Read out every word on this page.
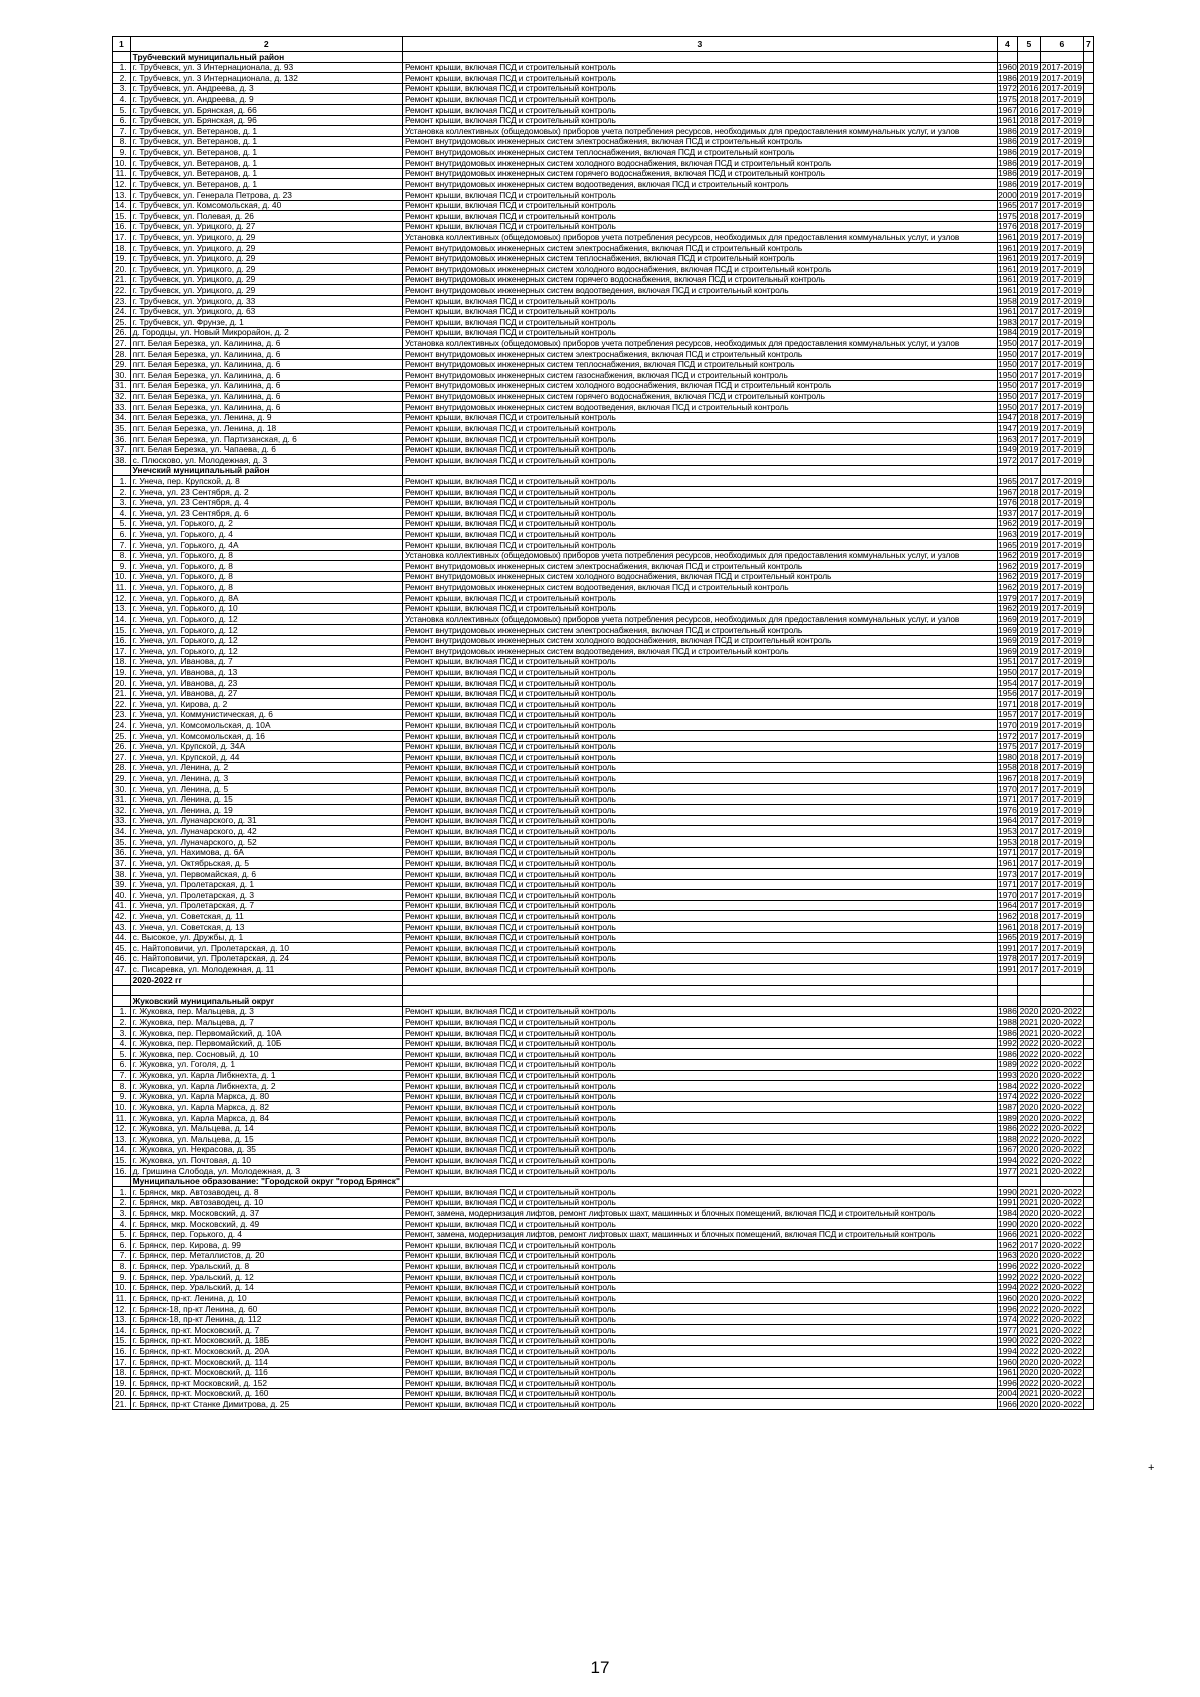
1	2	3	4	5	6	7
	Трубчевский муниципальный район					
1.	г. Трубчевск, ул. 3 Интернационала, д. 93	Ремонт крыши, включая ПСД и строительный контроль	1960	2019	2017-2019	
2.	г. Трубчевск, ул. 3 Интернационала, д. 132	Ремонт крыши, включая ПСД и строительный контроль	1986	2019	2017-2019	
3.	г. Трубчевск, ул. Андреева, д. 3	Ремонт крыши, включая ПСД и строительный контроль	1972	2016	2017-2019	
4.	г. Трубчевск, ул. Андреева, д. 9	Ремонт крыши, включая ПСД и строительный контроль	1975	2018	2017-2019	
5.	г. Трубчевск, ул. Брянская, д. 66	Ремонт крыши, включая ПСД и строительный контроль	1967	2016	2017-2019	
6.	г. Трубчевск, ул. Брянская, д. 96	Ремонт крыши, включая ПСД и строительный контроль	1961	2018	2017-2019	
7.	г. Трубчевск, ул. Ветеранов, д. 1	Установка коллективных (общедомовых) приборов учета потребления ресурсов, необходимых для предоставления коммунальных услуг, и узлов	1986	2019	2017-2019	
8.	г. Трубчевск, ул. Ветеранов, д. 1	Ремонт внутридомовых инженерных систем электроснабжения, включая ПСД и строительный контроль	1986	2019	2017-2019	
9.	г. Трубчевск, ул. Ветеранов, д. 1	Ремонт внутридомовых инженерных систем теплоснабжения, включая ПСД и строительный контроль	1986	2019	2017-2019	
10.	г. Трубчевск, ул. Ветеранов, д. 1	Ремонт внутридомовых инженерных систем холодного водоснабжения, включая ПСД и строительный контроль	1986	2019	2017-2019	
11.	г. Трубчевск, ул. Ветеранов, д. 1	Ремонт внутридомовых инженерных систем горячего водоснабжения, включая ПСД и строительный контроль	1986	2019	2017-2019	
12.	г. Трубчевск, ул. Ветеранов, д. 1	Ремонт внутридомовых инженерных систем водоотведения, включая ПСД и строительный контроль	1986	2019	2017-2019	
13.	г. Трубчевск, ул. Генерала Петрова, д. 23	Ремонт крыши, включая ПСД и строительный контроль	2000	2019	2017-2019	
14.	г. Трубчевск, ул. Комсомольская, д. 40	Ремонт крыши, включая ПСД и строительный контроль	1965	2017	2017-2019	
15.	г. Трубчевск, ул. Полевая, д. 26	Ремонт крыши, включая ПСД и строительный контроль	1975	2018	2017-2019	
16.	г. Трубчевск, ул. Урицкого, д. 27	Ремонт крыши, включая ПСД и строительный контроль	1976	2018	2017-2019	
17.	г. Трубчевск, ул. Урицкого, д. 29	Установка коллективных (общедомовых) приборов учета потребления ресурсов, необходимых для предоставления коммунальных услуг, и узлов	1961	2019	2017-2019	
18.	г. Трубчевск, ул. Урицкого, д. 29	Ремонт внутридомовых инженерных систем электроснабжения, включая ПСД и строительный контроль	1961	2019	2017-2019	
19.	г. Трубчевск, ул. Урицкого, д. 29	Ремонт внутридомовых инженерных систем теплоснабжения, включая ПСД и строительный контроль	1961	2019	2017-2019	
20.	г. Трубчевск, ул. Урицкого, д. 29	Ремонт внутридомовых инженерных систем холодного водоснабжения, включая ПСД и строительный контроль	1961	2019	2017-2019	
21.	г. Трубчевск, ул. Урицкого, д. 29	Ремонт внутридомовых инженерных систем горячего водоснабжения, включая ПСД и строительный контроль	1961	2019	2017-2019	
22.	г. Трубчевск, ул. Урицкого, д. 29	Ремонт внутридомовых инженерных систем водоотведения, включая ПСД и строительный контроль	1961	2019	2017-2019	
23.	г. Трубчевск, ул. Урицкого, д. 33	Ремонт крыши, включая ПСД и строительный контроль	1958	2019	2017-2019	
24.	г. Трубчевск, ул. Урицкого, д. 63	Ремонт крыши, включая ПСД и строительный контроль	1961	2017	2017-2019	
25.	г. Трубчевск, ул. Фрунзе, д. 1	Ремонт крыши, включая ПСД и строительный контроль	1983	2017	2017-2019	
26.	д. Городцы, ул. Новый Микрорайон, д. 2	Ремонт крыши, включая ПСД и строительный контроль	1984	2019	2017-2019	
27.	пгт. Белая Березка, ул. Калинина, д. 6	Установка коллективных (общедомовых) приборов учета потребления ресурсов, необходимых для предоставления коммунальных услуг, и узлов	1950	2017	2017-2019	
28.	пгт. Белая Березка, ул. Калинина, д. 6	Ремонт внутридомовых инженерных систем электроснабжения, включая ПСД и строительный контроль	1950	2017	2017-2019	
29.	пгт. Белая Березка, ул. Калинина, д. 6	Ремонт внутридомовых инженерных систем теплоснабжения, включая ПСД и строительный контроль	1950	2017	2017-2019	
30.	пгт. Белая Березка, ул. Калинина, д. 6	Ремонт внутридомовых инженерных систем газоснабжения, включая ПСД и строительный контроль	1950	2017	2017-2019	
31.	пгт. Белая Березка, ул. Калинина, д. 6	Ремонт внутридомовых инженерных систем холодного водоснабжения, включая ПСД и строительный контроль	1950	2017	2017-2019	
32.	пгт. Белая Березка, ул. Калинина, д. 6	Ремонт внутридомовых инженерных систем горячего водоснабжения, включая ПСД и строительный контроль	1950	2017	2017-2019	
33.	пгт. Белая Березка, ул. Калинина, д. 6	Ремонт внутридомовых инженерных систем водоотведения, включая ПСД и строительный контроль	1950	2017	2017-2019	
34.	пгт. Белая Березка, ул. Ленина, д. 9	Ремонт крыши, включая ПСД и строительный контроль	1947	2018	2017-2019	
35.	пгт. Белая Березка, ул. Ленина, д. 18	Ремонт крыши, включая ПСД и строительный контроль	1947	2019	2017-2019	
36.	пгт. Белая Березка, ул. Партизанская, д. 6	Ремонт крыши, включая ПСД и строительный контроль	1963	2017	2017-2019	
37.	пгт. Белая Березка, ул. Чапаева, д. 6	Ремонт крыши, включая ПСД и строительный контроль	1949	2019	2017-2019	
38.	с. Плюсково, ул. Молодежная, д. 3	Ремонт крыши, включая ПСД и строительный контроль	1972	2017	2017-2019	
	Унечский муниципальный район					
1.	г. Унеча, пер. Крупской, д. 8	Ремонт крыши, включая ПСД и строительный контроль	1965	2017	2017-2019	
2.	г. Унеча, ул. 23 Сентября, д. 2	Ремонт крыши, включая ПСД и строительный контроль	1967	2018	2017-2019	
3.	г. Унеча, ул. 23 Сентября, д. 4	Ремонт крыши, включая ПСД и строительный контроль	1976	2018	2017-2019	
4.	г. Унеча, ул. 23 Сентября, д. 6	Ремонт крыши, включая ПСД и строительный контроль	1937	2017	2017-2019	
5.	г. Унеча, ул. Горького, д. 2	Ремонт крыши, включая ПСД и строительный контроль	1962	2019	2017-2019	
6.	г. Унеча, ул. Горького, д. 4	Ремонт крыши, включая ПСД и строительный контроль	1963	2019	2017-2019	
7.	г. Унеча, ул. Горького, д. 4А	Ремонт крыши, включая ПСД и строительный контроль	1965	2019	2017-2019	
8.	г. Унеча, ул. Горького, д. 8	Установка коллективных (общедомовых) приборов учета потребления ресурсов, необходимых для предоставления коммунальных услуг, и узлов	1962	2019	2017-2019	
9.	г. Унеча, ул. Горького, д. 8	Ремонт внутридомовых инженерных систем электроснабжения, включая ПСД и строительный контроль	1962	2019	2017-2019	
10.	г. Унеча, ул. Горького, д. 8	Ремонт внутридомовых инженерных систем холодного водоснабжения, включая ПСД и строительный контроль	1962	2019	2017-2019	
11.	г. Унеча, ул. Горького, д. 8	Ремонт внутридомовых инженерных систем водоотведения, включая ПСД и строительный контроль	1962	2019	2017-2019	
12.	г. Унеча, ул. Горького, д. 8А	Ремонт крыши, включая ПСД и строительный контроль	1979	2017	2017-2019	
13.	г. Унеча, ул. Горького, д. 10	Ремонт крыши, включая ПСД и строительный контроль	1962	2019	2017-2019	
14.	г. Унеча, ул. Горького, д. 12	Установка коллективных (общедомовых) приборов учета потребления ресурсов, необходимых для предоставления коммунальных услуг, и узлов	1969	2019	2017-2019	
15.	г. Унеча, ул. Горького, д. 12	Ремонт внутридомовых инженерных систем электроснабжения, включая ПСД и строительный контроль	1969	2019	2017-2019	
16.	г. Унеча, ул. Горького, д. 12	Ремонт внутридомовых инженерных систем холодного водоснабжения, включая ПСД и строительный контроль	1969	2019	2017-2019	
17.	г. Унеча, ул. Горького, д. 12	Ремонт внутридомовых инженерных систем водоотведения, включая ПСД и строительный контроль	1969	2019	2017-2019	
18.	г. Унеча, ул. Иванова, д. 7	Ремонт крыши, включая ПСД и строительный контроль	1951	2017	2017-2019	
19.	г. Унеча, ул. Иванова, д. 13	Ремонт крыши, включая ПСД и строительный контроль	1950	2017	2017-2019	
20.	г. Унеча, ул. Иванова, д. 23	Ремонт крыши, включая ПСД и строительный контроль	1954	2017	2017-2019	
21.	г. Унеча, ул. Иванова, д. 27	Ремонт крыши, включая ПСД и строительный контроль	1956	2017	2017-2019	
22.	г. Унеча, ул. Кирова, д. 2	Ремонт крыши, включая ПСД и строительный контроль	1971	2018	2017-2019	
23.	г. Унеча, ул. Коммунистическая, д. 6	Ремонт крыши, включая ПСД и строительный контроль	1957	2017	2017-2019	
24.	г. Унеча, ул. Комсомольская, д. 10А	Ремонт крыши, включая ПСД и строительный контроль	1970	2019	2017-2019	
25.	г. Унеча, ул. Комсомольская, д. 16	Ремонт крыши, включая ПСД и строительный контроль	1972	2017	2017-2019	
26.	г. Унеча, ул. Крупской, д. 34А	Ремонт крыши, включая ПСД и строительный контроль	1975	2017	2017-2019	
27.	г. Унеча, ул. Крупской, д. 44	Ремонт крыши, включая ПСД и строительный контроль	1980	2018	2017-2019	
28.	г. Унеча, ул. Ленина, д. 2	Ремонт крыши, включая ПСД и строительный контроль	1958	2018	2017-2019	
29.	г. Унеча, ул. Ленина, д. 3	Ремонт крыши, включая ПСД и строительный контроль	1967	2018	2017-2019	
30.	г. Унеча, ул. Ленина, д. 5	Ремонт крыши, включая ПСД и строительный контроль	1970	2017	2017-2019	
31.	г. Унеча, ул. Ленина, д. 15	Ремонт крыши, включая ПСД и строительный контроль	1971	2017	2017-2019	
32.	г. Унеча, ул. Ленина, д. 19	Ремонт крыши, включая ПСД и строительный контроль	1976	2019	2017-2019	
33.	г. Унеча, ул. Луначарского, д. 31	Ремонт крыши, включая ПСД и строительный контроль	1964	2017	2017-2019	
34.	г. Унеча, ул. Луначарского, д. 42	Ремонт крыши, включая ПСД и строительный контроль	1953	2017	2017-2019	
35.	г. Унеча, ул. Луначарского, д. 52	Ремонт крыши, включая ПСД и строительный контроль	1953	2018	2017-2019	
36.	г. Унеча, ул. Нахимова, д. 6А	Ремонт крыши, включая ПСД и строительный контроль	1971	2017	2017-2019	
37.	г. Унеча, ул. Октябрьская, д. 5	Ремонт крыши, включая ПСД и строительный контроль	1961	2017	2017-2019	
38.	г. Унеча, ул. Первомайская, д. 6	Ремонт крыши, включая ПСД и строительный контроль	1973	2017	2017-2019	
39.	г. Унеча, ул. Пролетарская, д. 1	Ремонт крыши, включая ПСД и строительный контроль	1971	2017	2017-2019	
40.	г. Унеча, ул. Пролетарская, д. 3	Ремонт крыши, включая ПСД и строительный контроль	1970	2017	2017-2019	
41.	г. Унеча, ул. Пролетарская, д. 7	Ремонт крыши, включая ПСД и строительный контроль	1964	2017	2017-2019	
42.	г. Унеча, ул. Советская, д. 11	Ремонт крыши, включая ПСД и строительный контроль	1962	2018	2017-2019	
43.	г. Унеча, ул. Советская, д. 13	Ремонт крыши, включая ПСД и строительный контроль	1961	2018	2017-2019	
44.	с. Высокое, ул. Дружбы, д. 1	Ремонт крыши, включая ПСД и строительный контроль	1965	2019	2017-2019	
45.	с. Найтоповичи, ул. Пролетарская, д. 10	Ремонт крыши, включая ПСД и строительный контроль	1991	2017	2017-2019	
46.	с. Найтоповичи, ул. Пролетарская, д. 24	Ремонт крыши, включая ПСД и строительный контроль	1978	2017	2017-2019	
47.	с. Писаревка, ул. Молодежная, д. 11	Ремонт крыши, включая ПСД и строительный контроль	1991	2017	2017-2019	
	2020-2022 гг					

	Жуковский муниципальный округ					
1.	г. Жуковка, пер. Мальцева, д. 3	Ремонт крыши, включая ПСД и строительный контроль	1986	2020	2020-2022	
2.	г. Жуковка, пер. Мальцева, д. 7	Ремонт крыши, включая ПСД и строительный контроль	1988	2021	2020-2022	
3.	г. Жуковка, пер. Первомайский, д. 10А	Ремонт крыши, включая ПСД и строительный контроль	1986	2021	2020-2022	
4.	г. Жуковка, пер. Первомайский, д. 10Б	Ремонт крыши, включая ПСД и строительный контроль	1992	2022	2020-2022	
5.	г. Жуковка, пер. Сосновый, д. 10	Ремонт крыши, включая ПСД и строительный контроль	1986	2022	2020-2022	
6.	г. Жуковка, ул. Гоголя, д. 1	Ремонт крыши, включая ПСД и строительный контроль	1989	2022	2020-2022	
7.	г. Жуковка, ул. Карла Либкнехта, д. 1	Ремонт крыши, включая ПСД и строительный контроль	1993	2020	2020-2022	
8.	г. Жуковка, ул. Карла Либкнехта, д. 2	Ремонт крыши, включая ПСД и строительный контроль	1984	2022	2020-2022	
9.	г. Жуковка, ул. Карла Маркса, д. 80	Ремонт крыши, включая ПСД и строительный контроль	1974	2022	2020-2022	
10.	г. Жуковка, ул. Карла Маркса, д. 82	Ремонт крыши, включая ПСД и строительный контроль	1987	2020	2020-2022	
11.	г. Жуковка, ул. Карла Маркса, д. 84	Ремонт крыши, включая ПСД и строительный контроль	1989	2020	2020-2022	
12.	г. Жуковка, ул. Мальцева, д. 14	Ремонт крыши, включая ПСД и строительный контроль	1986	2022	2020-2022	
13.	г. Жуковка, ул. Мальцева, д. 15	Ремонт крыши, включая ПСД и строительный контроль	1988	2022	2020-2022	
14.	г. Жуковка, ул. Некрасова, д. 35	Ремонт крыши, включая ПСД и строительный контроль	1967	2020	2020-2022	
15.	г. Жуковка, ул. Почтовая, д. 10	Ремонт крыши, включая ПСД и строительный контроль	1994	2022	2020-2022	
16.	д. Гришина Слобода, ул. Молодежная, д. 3	Ремонт крыши, включая ПСД и строительный контроль	1977	2021	2020-2022	
	Муниципальное образование: "Городской округ "город Брянск"					
1.	г. Брянск, мкр. Автозаводец, д. 8	Ремонт крыши, включая ПСД и строительный контроль	1990	2021	2020-2022	
2.	г. Брянск, мкр. Автозаводец, д. 10	Ремонт крыши, включая ПСД и строительный контроль	1991	2021	2020-2022	
3.	г. Брянск, мкр. Московский, д. 37	Ремонт, замена, модернизация лифтов, ремонт лифтовых шахт, машинных и блочных помещений, включая ПСД и строительный контроль	1984	2020	2020-2022	
4.	г. Брянск, мкр. Московский, д. 49	Ремонт крыши, включая ПСД и строительный контроль	1990	2020	2020-2022	
5.	г. Брянск, пер. Горького, д. 4	Ремонт, замена, модернизация лифтов, ремонт лифтовых шахт, машинных и блочных помещений, включая ПСД и строительный контроль	1966	2021	2020-2022	
6.	г. Брянск, пер. Кирова, д. 99	Ремонт крыши, включая ПСД и строительный контроль	1962	2017	2020-2022	
7.	г. Брянск, пер. Металлистов, д. 20	Ремонт крыши, включая ПСД и строительный контроль	1963	2020	2020-2022	
8.	г. Брянск, пер. Уральский, д. 8	Ремонт крыши, включая ПСД и строительный контроль	1996	2022	2020-2022	
9.	г. Брянск, пер. Уральский, д. 12	Ремонт крыши, включая ПСД и строительный контроль	1992	2022	2020-2022	
10.	г. Брянск, пер. Уральский, д. 14	Ремонт крыши, включая ПСД и строительный контроль	1994	2022	2020-2022	
11.	г. Брянск, пр-кт. Ленина, д. 10	Ремонт крыши, включая ПСД и строительный контроль	1960	2020	2020-2022	
12.	г. Брянск-18, пр-кт Ленина, д. 60	Ремонт крыши, включая ПСД и строительный контроль	1996	2022	2020-2022	
13.	г. Брянск-18, пр-кт Ленина, д. 112	Ремонт крыши, включая ПСД и строительный контроль	1974	2022	2020-2022	
14.	г. Брянск, пр-кт. Московский, д. 7	Ремонт крыши, включая ПСД и строительный контроль	1977	2021	2020-2022	
15.	г. Брянск, пр-кт. Московский, д. 18Б	Ремонт крыши, включая ПСД и строительный контроль	1990	2022	2020-2022	
16.	г. Брянск, пр-кт. Московский, д. 20А	Ремонт крыши, включая ПСД и строительный контроль	1994	2022	2020-2022	
17.	г. Брянск, пр-кт. Московский, д. 114	Ремонт крыши, включая ПСД и строительный контроль	1960	2020	2020-2022	
18.	г. Брянск, пр-кт. Московский, д. 116	Ремонт крыши, включая ПСД и строительный контроль	1961	2020	2020-2022	
19.	г. Брянск, пр-кт Московский, д. 152	Ремонт крыши, включая ПСД и строительный контроль	1996	2022	2020-2022	
20.	г. Брянск, пр-кт. Московский, д. 160	Ремонт крыши, включая ПСД и строительный контроль	2004	2021	2020-2022	
21.	г. Брянск, пр-кт Станке Димитрова, д. 25	Ремонт крыши, включая ПСД и строительный контроль	1966	2020	2020-2022	
+
17
